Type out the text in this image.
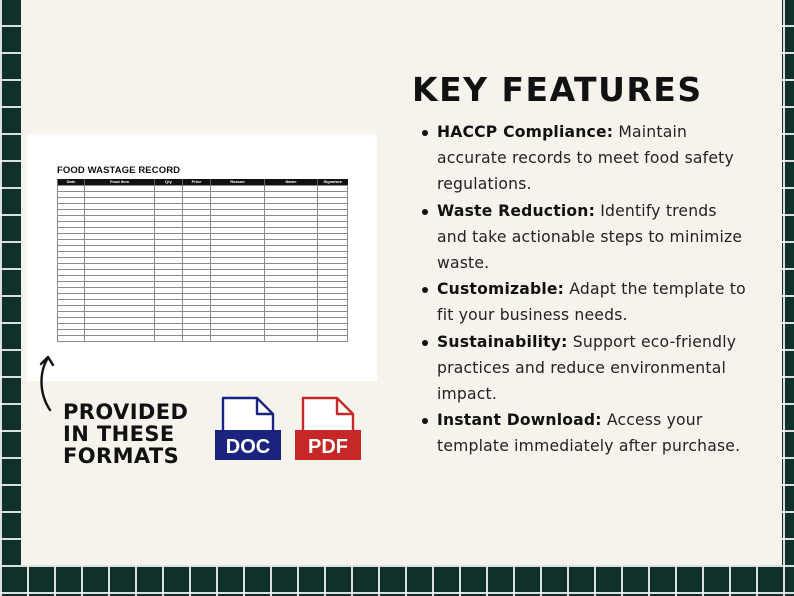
FOOD WASTAGE RECORD
Date	Food Item	Qty	Price	Reason	Name	Signature

PROVIDED
IN THESE
FORMATS	DOC PDF
KEY FEATURES
HACCP Compliance: Maintain accurate records to meet food safety regulations.
Waste Reduction: Identify trends and take actionable steps to minimize waste.
Customizable: Adapt the template to fit your business needs.
Sustainability: Support eco-friendly practices and reduce environmental impact.
Instant Download: Access your template immediately after purchase.
